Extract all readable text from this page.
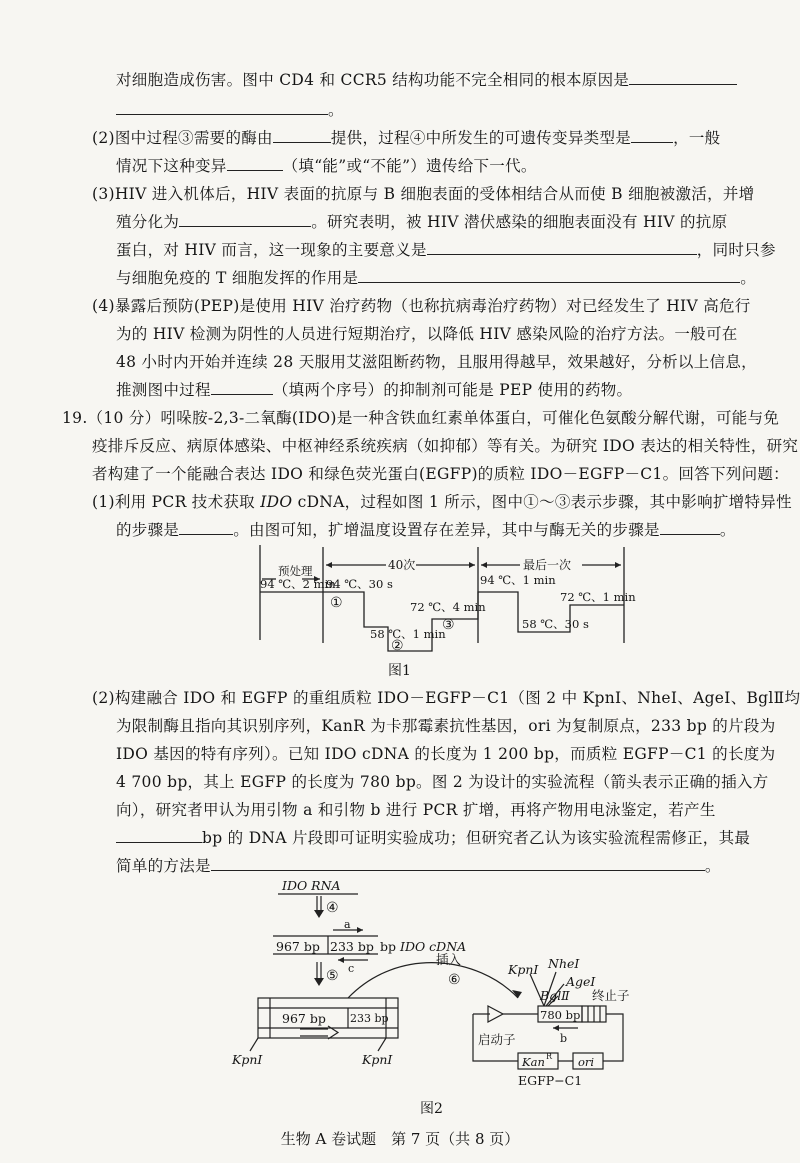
对细胞造成伤害。图中 CD4 和 CCR5 结构功能不完全相同的根本原因是
。
(2)图中过程③需要的酶由	提供，过程④中所发生的可遗传变异类型是	，一般
情况下这种变异	（填“能”或“不能”）遗传给下一代。
(3)HIV 进入机体后，HIV 表面的抗原与 B 细胞表面的受体相结合从而使 B 细胞被激活，并增
殖分化为	。研究表明，被 HIV 潜伏感染的细胞表面没有 HIV 的抗原
蛋白，对 HIV 而言，这一现象的主要意义是	，同时只参
与细胞免疫的 T 细胞发挥的作用是	。
(4)暴露后预防(PEP)是使用 HIV 治疗药物（也称抗病毒治疗药物）对已经发生了 HIV 高危行
为的 HIV 检测为阴性的人员进行短期治疗，以降低 HIV 感染风险的治疗方法。一般可在
48 小时内开始并连续 28 天服用艾滋阻断药物，且服用得越早，效果越好，分析以上信息，
推测图中过程	（填两个序号）的抑制剂可能是 PEP 使用的药物。
19.（10 分）吲哚胺-2,3-二氧酶(IDO)是一种含铁血红素单体蛋白，可催化色氨酸分解代谢，可能与免
疫排斥反应、病原体感染、中枢神经系统疾病（如抑郁）等有关。为研究 IDO 表达的相关特性，研究
者构建了一个能融合表达 IDO 和绿色荧光蛋白(EGFP)的质粒 IDO－EGFP－C1。回答下列问题：
(1)利用 PCR 技术获取 IDO cDNA，过程如图 1 所示，图中①～③表示步骤，其中影响扩增特异性
的步骤是	。由图可知，扩增温度设置存在差异，其中与酶无关的步骤是	。
预处理	40次	最后一次
94 ℃、2 min
94 ℃、30 s
58 ℃、1 min
72 ℃、4 min
94 ℃、1 min
58 ℃、30 s
72 ℃、1 min
①
②
③
图1
(2)构建融合 IDO 和 EGFP 的重组质粒 IDO－EGFP－C1（图 2 中 KpnⅠ、NheⅠ、AgeⅠ、BglⅡ均
为限制酶且指向其识别序列，KanR 为卡那霉素抗性基因，ori 为复制原点，233 bp 的片段为
IDO 基因的特有序列）。已知 IDO cDNA 的长度为 1 200 bp，而质粒 EGFP－C1 的长度为
4 700 bp，其上 EGFP 的长度为 780 bp。图 2 为设计的实验流程（箭头表示正确的插入方
向），研究者甲认为用引物 a 和引物 b 进行 PCR 扩增，再将产物用电泳鉴定，若产生
bp 的 DNA 片段即可证明实验成功；但研究者乙认为该实验流程需修正，其最
简单的方法是	。
IDO RNA
④
a
967 bp 233 bp bp IDO cDNA
c
⑤
967 bp 233 bp
KpnⅠ	KpnⅠ
插入
⑥
KpnⅠ NheⅠ
AgeⅠ
BglⅡ 终止子
780 bp
b
启动子
Kan R ori
EGFP−C1
图2
生物 A 卷试题　第 7 页（共 8 页）
